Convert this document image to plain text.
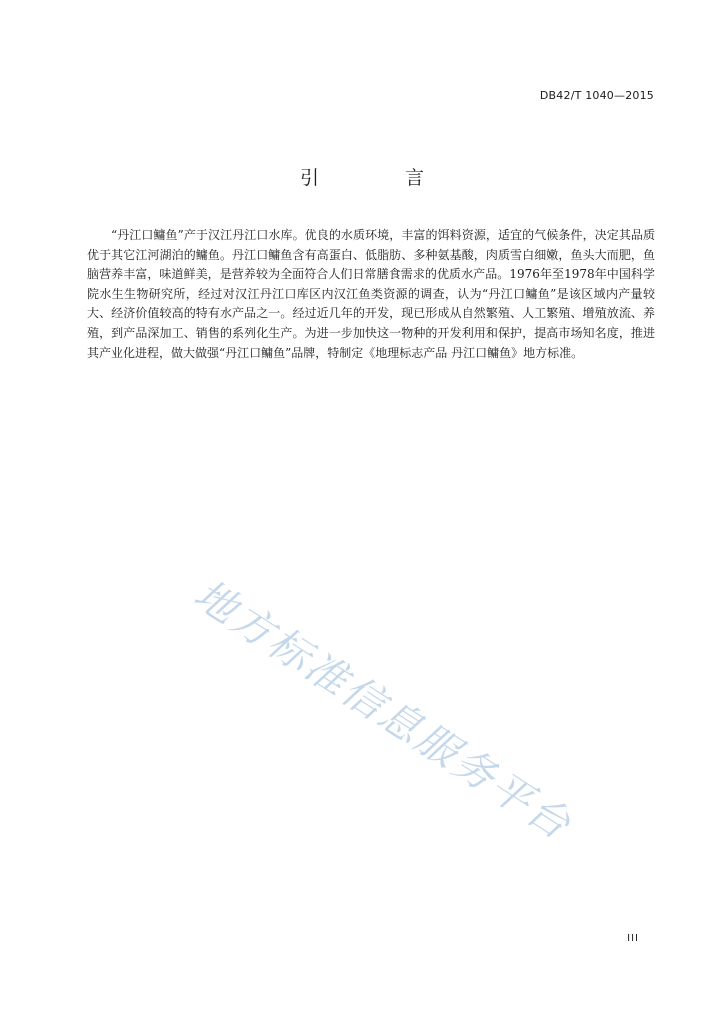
DB42/T 1040—2015
引 言

“丹江口鳙鱼”产于汉江丹江口水库。优良的水质环境，丰富的饵料资源，适宜的气候条件，决定其品质优于其它江河湖泊的鳙鱼。丹江口鳙鱼含有高蛋白、低脂肪、多种氨基酸，肉质雪白细嫩，鱼头大而肥，鱼脑营养丰富，味道鲜美，是营养较为全面符合人们日常膳食需求的优质水产品。1976年至1978年中国科学院水生生物研究所，经过对汉江丹江口库区内汉江鱼类资源的调查，认为“丹江口鳙鱼”是该区域内产量较大、经济价值较高的特有水产品之一。经过近几年的开发，现已形成从自然繁殖、人工繁殖、增殖放流、养殖，到产品深加工、销售的系列化生产。为进一步加快这一物种的开发利用和保护，提高市场知名度，推进其产业化进程，做大做强“丹江口鳙鱼”品牌，特制定《地理标志产品 丹江口鳙鱼》地方标准。

地方标准信息服务平台
III
